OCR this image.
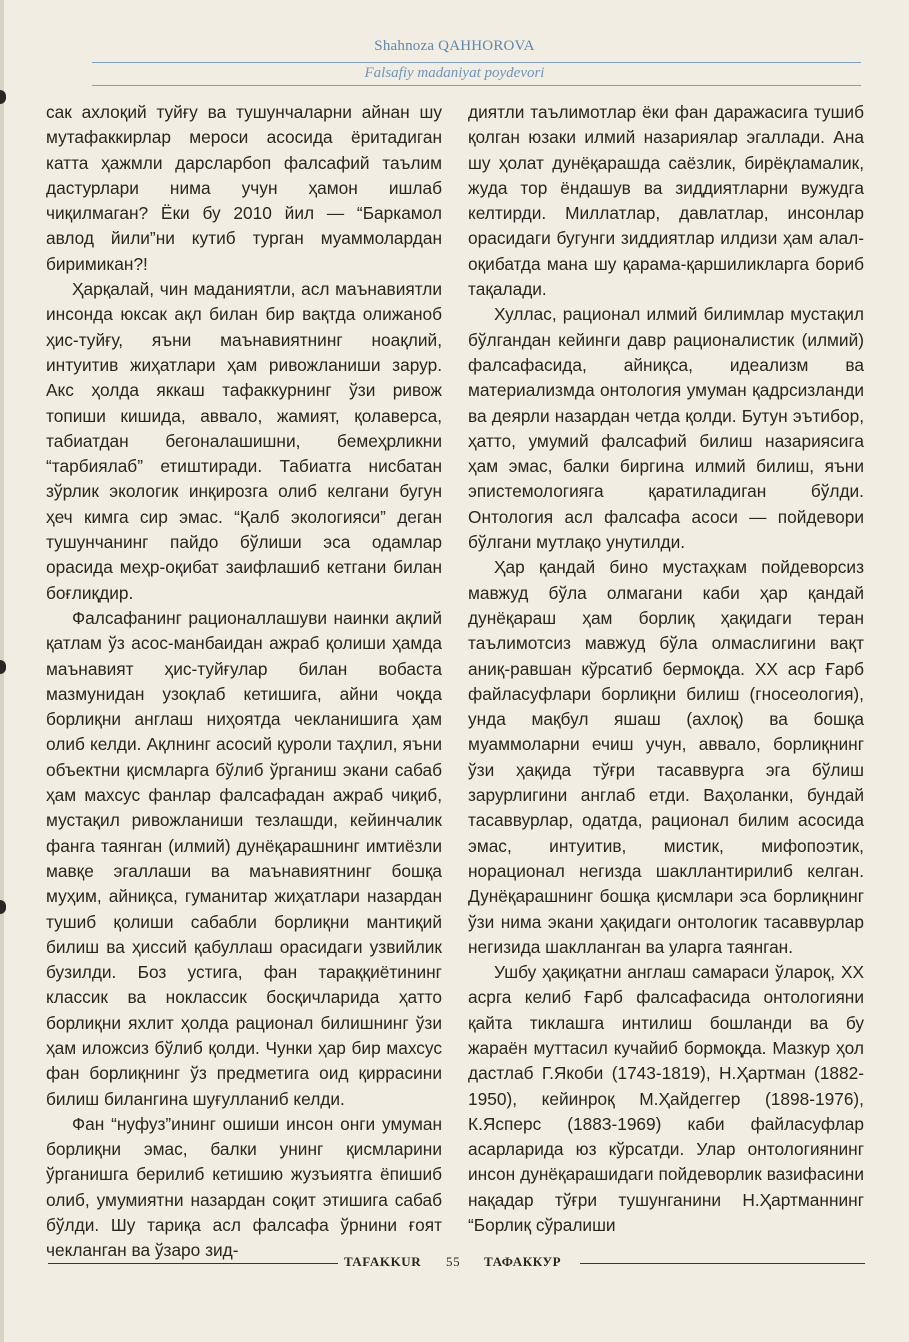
Shahnoza QAHHOROVA
Falsafiy madaniyat poydevori

сак ахлоқий туйғу ва тушунчаларни айнан шу мутафаккирлар мероси асосида ёритадиган катта ҳажмли дарсларбоп фалсафий таълим дастурлари нима учун ҳамон ишлаб чиқилмаган? Ёки бу 2010 йил — “Баркамол авлод йили”ни кутиб турган муаммолардан биримикан?!

Ҳарқалай, чин маданиятли, асл маънавиятли инсонда юксак ақл билан бир вақтда олижаноб ҳис-туйғу, яъни маънавиятнинг ноақлий, интуитив жиҳатлари ҳам ривожланиши зарур. Акс ҳолда яккаш тафаккурнинг ўзи ривож топиши кишида, аввало, жамият, қолаверса, табиатдан бегоналашишни, бемеҳрликни “тарбиялаб” етиштиради. Табиатга нисбатан зўрлик экологик инқирозга олиб келгани бугун ҳеч кимга сир эмас. “Қалб экологияси” деган тушунчанинг пайдо бўлиши эса одамлар орасида меҳр-оқибат заифлашиб кетгани билан боғлиқдир.

Фалсафанинг рационаллашуви наинки ақлий қатлам ўз асос-манбаидан ажраб қолиши ҳамда маънавият ҳис-туйғулар билан вобаста мазмунидан узоқлаб кетишига, айни чоқда борлиқни англаш ниҳоятда чекланишига ҳам олиб келди. Ақлнинг асосий қуроли таҳлил, яъни объектни қисмларга бўлиб ўрганиш экани сабаб ҳам махсус фанлар фалсафадан ажраб чиқиб, мустақил ривожланиши тезлашди, кейинчалик фанга таянган (илмий) дунёқарашнинг имтиёзли мавқе эгаллаши ва маънавиятнинг бошқа муҳим, айниқса, гуманитар жиҳатлари назардан тушиб қолиши сабабли борлиқни мантиқий билиш ва ҳиссий қабуллаш орасидаги узвийлик бузилди. Боз устига, фан тараққиётининг классик ва ноклассик босқичларида ҳатто борлиқни яхлит ҳолда рационал билишнинг ўзи ҳам иложсиз бўлиб қолди. Чунки ҳар бир махсус фан борлиқнинг ўз предметига оид қиррасини билиш билангина шуғулланиб келди.

Фан “нуфуз”ининг ошиши инсон онги умуман борлиқни эмас, балки унинг қисмларини ўрганишга берилиб кетишию жузъиятга ёпишиб олиб, умумиятни назардан соқит этишига сабаб бўлди. Шу тариқа асл фалсафа ўрнини ғоят чекланган ва ўзаро зид-

диятли таълимотлар ёки фан даражасига тушиб қолган юзаки илмий назариялар эгаллади. Ана шу ҳолат дунёқарашда саёзлик, бирёқламалик, жуда тор ёндашув ва зиддиятларни вужудга келтирди. Миллатлар, давлатлар, инсонлар орасидаги бугунги зиддиятлар илдизи ҳам алал-оқибатда мана шу қарама-қаршиликларга бориб тақалади.

Хуллас, рационал илмий билимлар мустақил бўлгандан кейинги давр рационалистик (илмий) фалсафасида, айниқса, идеализм ва материализмда онтология умуман қадрсизланди ва деярли назардан четда қолди. Бутун эътибор, ҳатто, умумий фалсафий билиш назариясига ҳам эмас, балки биргина илмий билиш, яъни эпистемологияга қаратиладиган бўлди. Онтология асл фалсафа асоси — пойдевори бўлгани мутлақо унутилди.

Ҳар қандай бино мустаҳкам пойдеворсиз мавжуд бўла олмагани каби ҳар қандай дунёқараш ҳам борлиқ ҳақидаги теран таълимотсиз мавжуд бўла олмаслигини вақт аниқ-равшан кўрсатиб бермоқда. XX аср Ғарб файласуфлари борлиқни билиш (гносеология), унда мақбул яшаш (ахлоқ) ва бошқа муаммоларни ечиш учун, аввало, борлиқнинг ўзи ҳақида тўғри тасаввурга эга бўлиш зарурлигини англаб етди. Ваҳоланки, бундай тасаввурлар, одатда, рационал билим асосида эмас, интуитив, мистик, мифопоэтик, норационал негизда шакллантирилиб келган. Дунёқарашнинг бошқа қисмлари эса борлиқнинг ўзи нима экани ҳақидаги онтологик тасаввурлар негизида шаклланган ва уларга таянган.

Ушбу ҳақиқатни англаш самараси ўлароқ, XX асрга келиб Ғарб фалсафасида онтологияни қайта тиклашга интилиш бошланди ва бу жараён муттасил кучайиб бормоқда. Мазкур ҳол дастлаб Г.Якоби (1743-1819), Н.Ҳартман (1882-1950), кейинроқ М.Ҳайдеггер (1898-1976), К.Ясперс (1883-1969) каби файласуфлар асарларида юз кўрсатди. Улар онтологиянинг инсон дунёқарашидаги пойдеворлик вазифасини нақадар тўғри тушунганини Н.Ҳартманнинг “Борлиқ сўралиши

TAFAKKUR 55 ТАФАККУР
